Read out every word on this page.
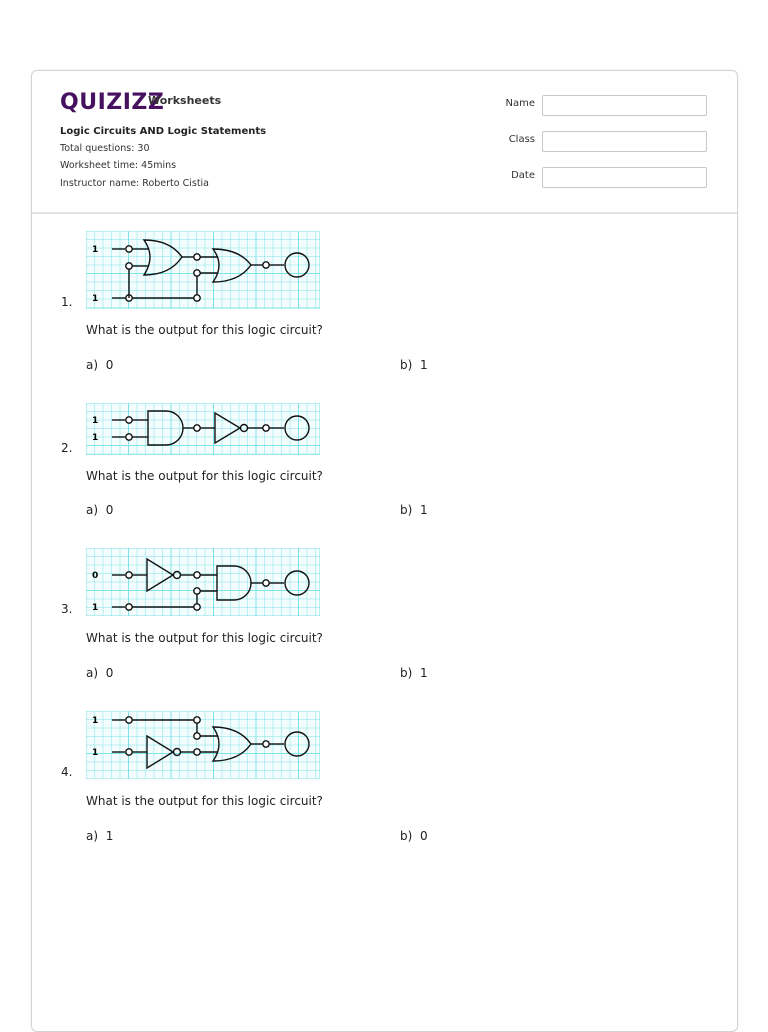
QUIZIZZ
Worksheets
Logic Circuits AND Logic Statements
Total questions: 30
Worksheet time: 45mins
Instructor name: Roberto Cistia
Name
Class
Date
1
1
1.
What is the output for this logic circuit?
a) 0	b) 1
1
1
2.
What is the output for this logic circuit?
a) 0	b) 1
0
1
3.
What is the output for this logic circuit?
a) 0	b) 1
1
1
4.
What is the output for this logic circuit?
a) 1	b) 0
